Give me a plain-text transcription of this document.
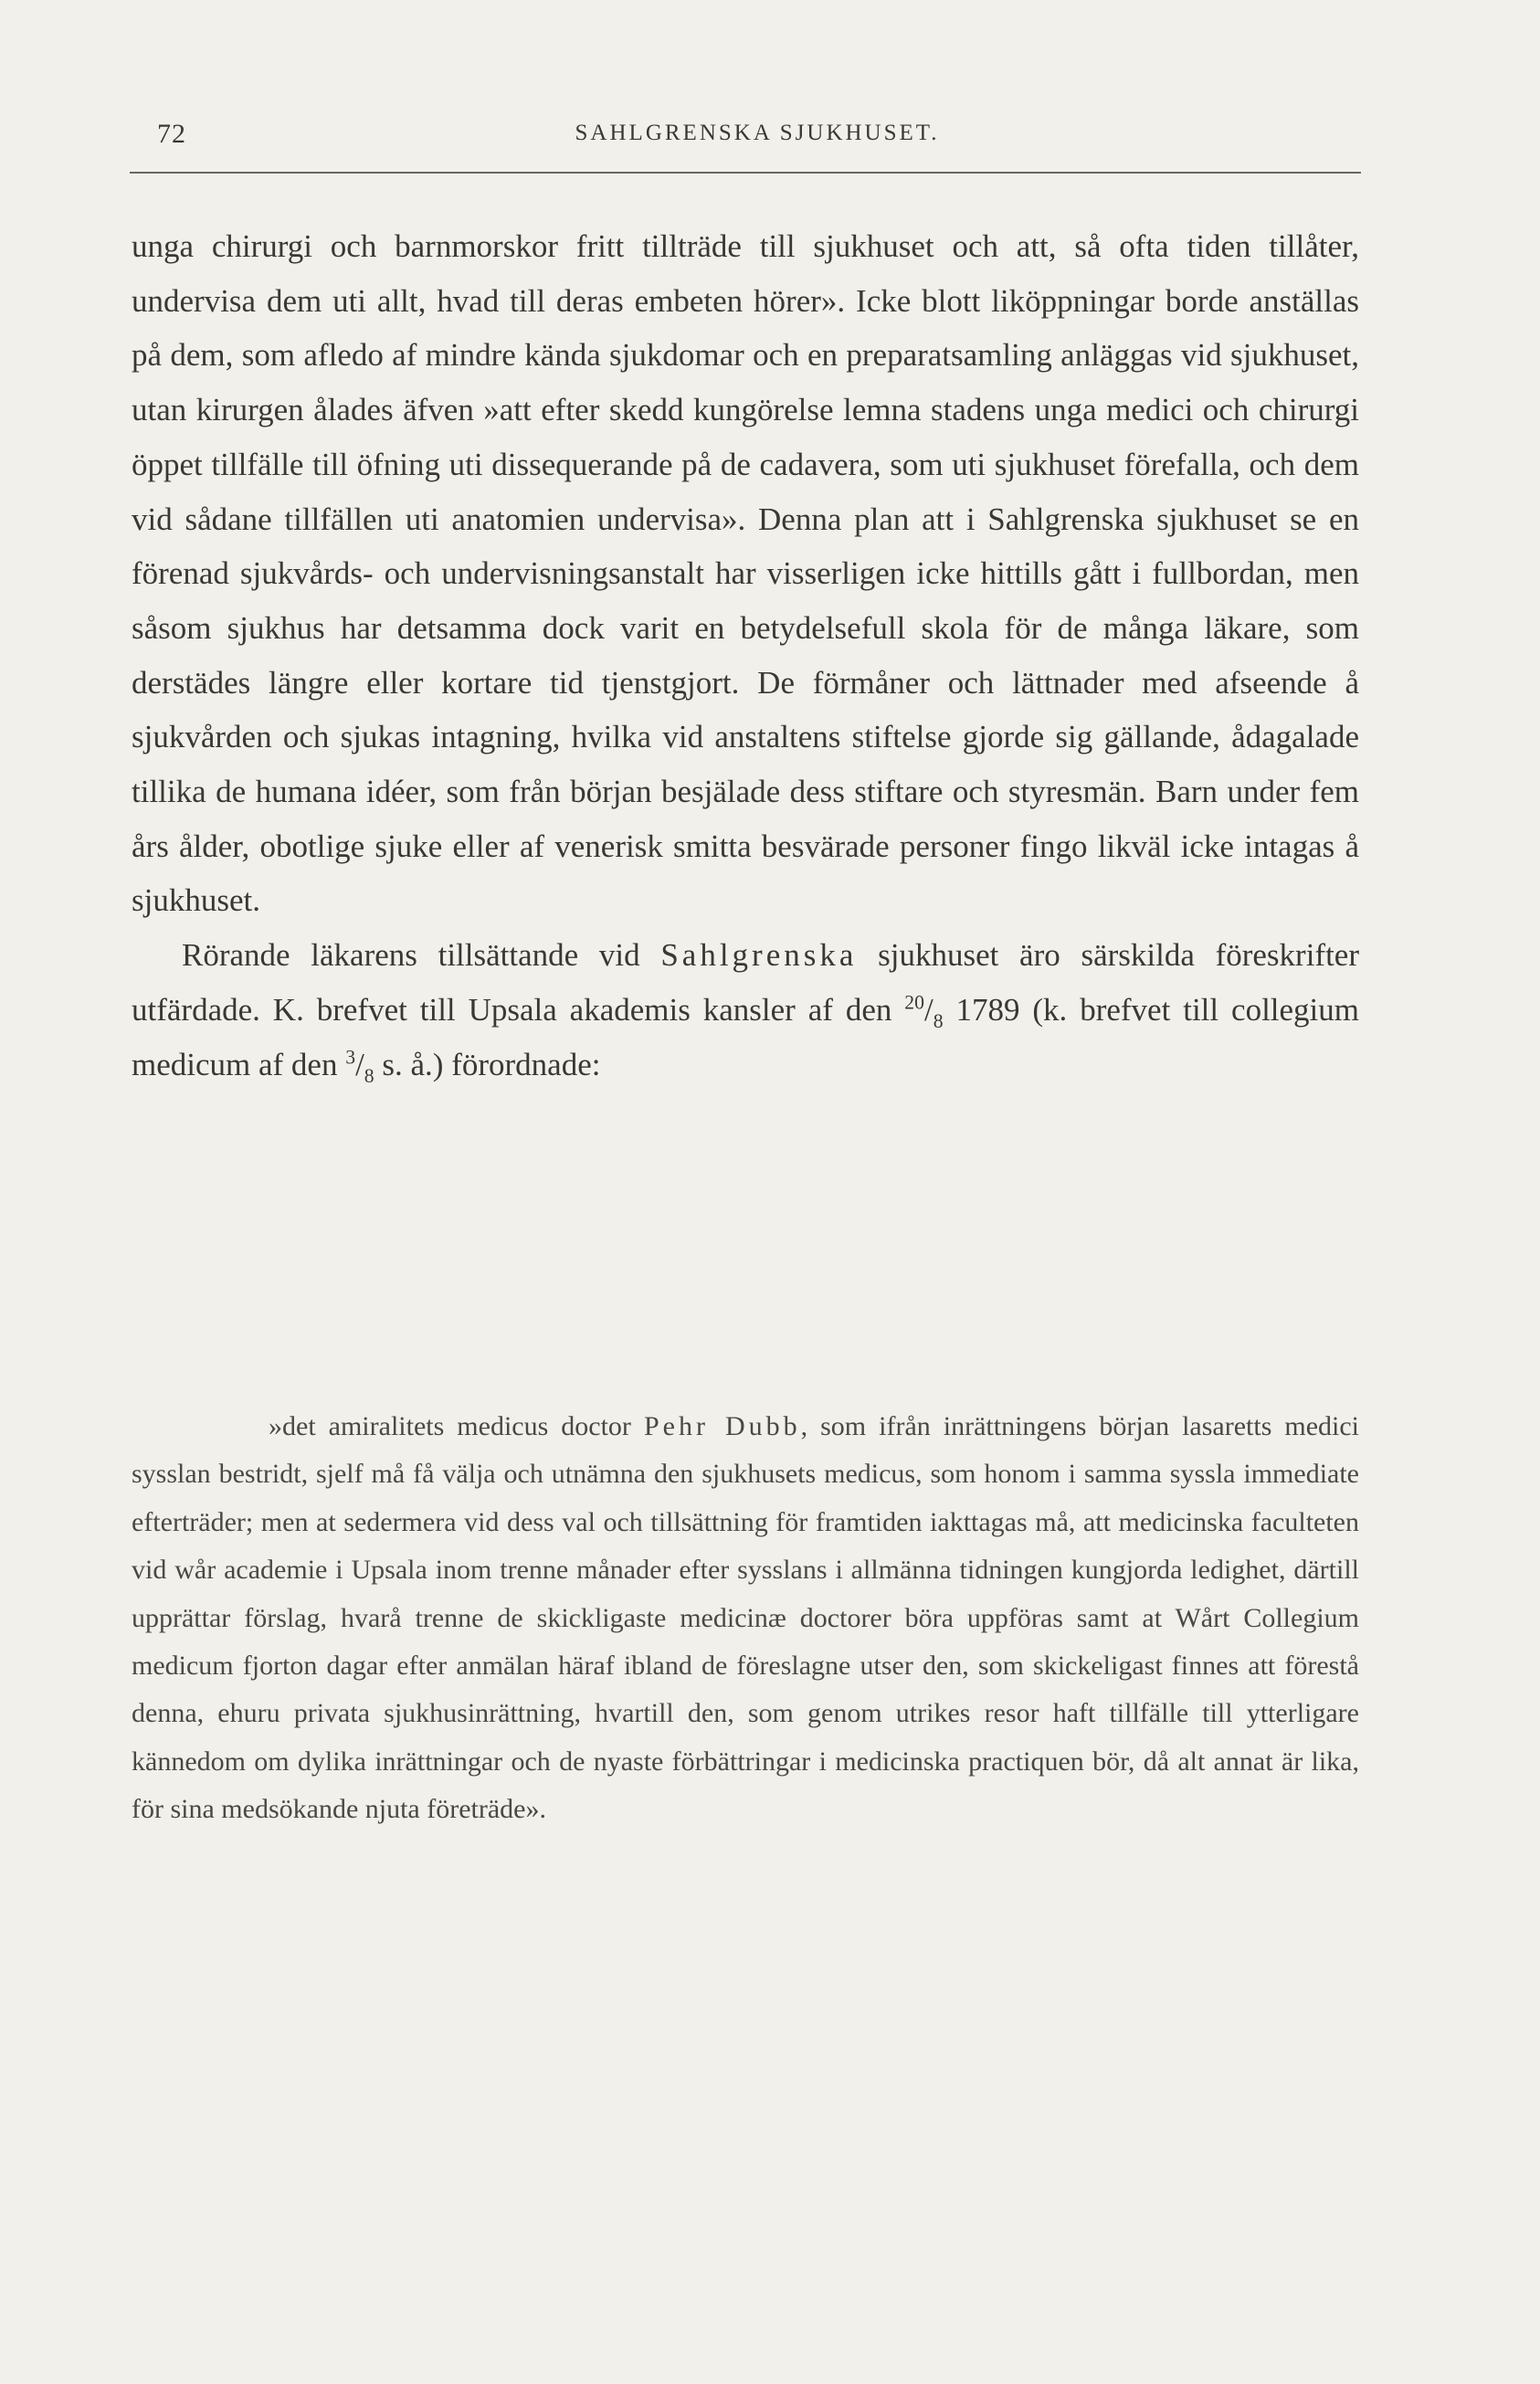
72	SAHLGRENSKA SJUKHUSET.

unga chirurgi och barnmorskor fritt tillträde till sjukhuset och att, så ofta tiden tillåter, undervisa dem uti allt, hvad till deras embeten hörer». Icke blott liköppningar borde anställas på dem, som afledo af mindre kända sjukdomar och en preparatsamling anläggas vid sjukhuset, utan kirurgen ålades äfven »att efter skedd kungörelse lemna stadens unga medici och chirurgi öppet tillfälle till öfning uti dissequerande på de cadavera, som uti sjukhuset förefalla, och dem vid sådane tillfällen uti anatomien undervisa». Denna plan att i Sahlgrenska sjukhuset se en förenad sjukvårds- och undervisningsanstalt har visserligen icke hittills gått i fullbordan, men såsom sjukhus har detsamma dock varit en betydelsefull skola för de många läkare, som derstädes längre eller kortare tid tjenstgjort. De förmåner och lättnader med afseende å sjukvården och sjukas intagning, hvilka vid anstaltens stiftelse gjorde sig gällande, ådagalade tillika de humana idéer, som från början besjälade dess stiftare och styresmän. Barn under fem års ålder, obotlige sjuke eller af venerisk smitta besvärade personer fingo likväl icke intagas å sjukhuset.

Rörande läkarens tillsättande vid Sahlgrenska sjukhuset äro särskilda föreskrifter utfärdade. K. brefvet till Upsala akademis kansler af den $^{20}/_8$ 1789 (k. brefvet till collegium medicum af den $^3/_8$ s. å.) förordnade:

»det amiralitets medicus doctor Pehr Dubb, som ifrån inrättningens början lasaretts medici sysslan bestridt, sjelf må få välja och utnämna den sjukhusets medicus, som honom i samma syssla immediate efterträder; men at sedermera vid dess val och tillsättning för framtiden iakttagas må, att medicinska faculteten vid wår academie i Upsala inom trenne månader efter sysslans i allmänna tidningen kungjorda ledighet, därtill upprättar förslag, hvarå trenne de skickligaste medicinæ doctorer böra uppföras samt at Wårt Collegium medicum fjorton dagar efter anmälan häraf ibland de föreslagne utser den, som skickeligast finnes att förestå denna, ehuru privata sjukhusinrättning, hvartill den, som genom utrikes resor haft tillfälle till ytterligare kännedom om dylika inrättningar och de nyaste förbättringar i medicinska practiquen bör, då alt annat är lika, för sina medsökande njuta företräde».
